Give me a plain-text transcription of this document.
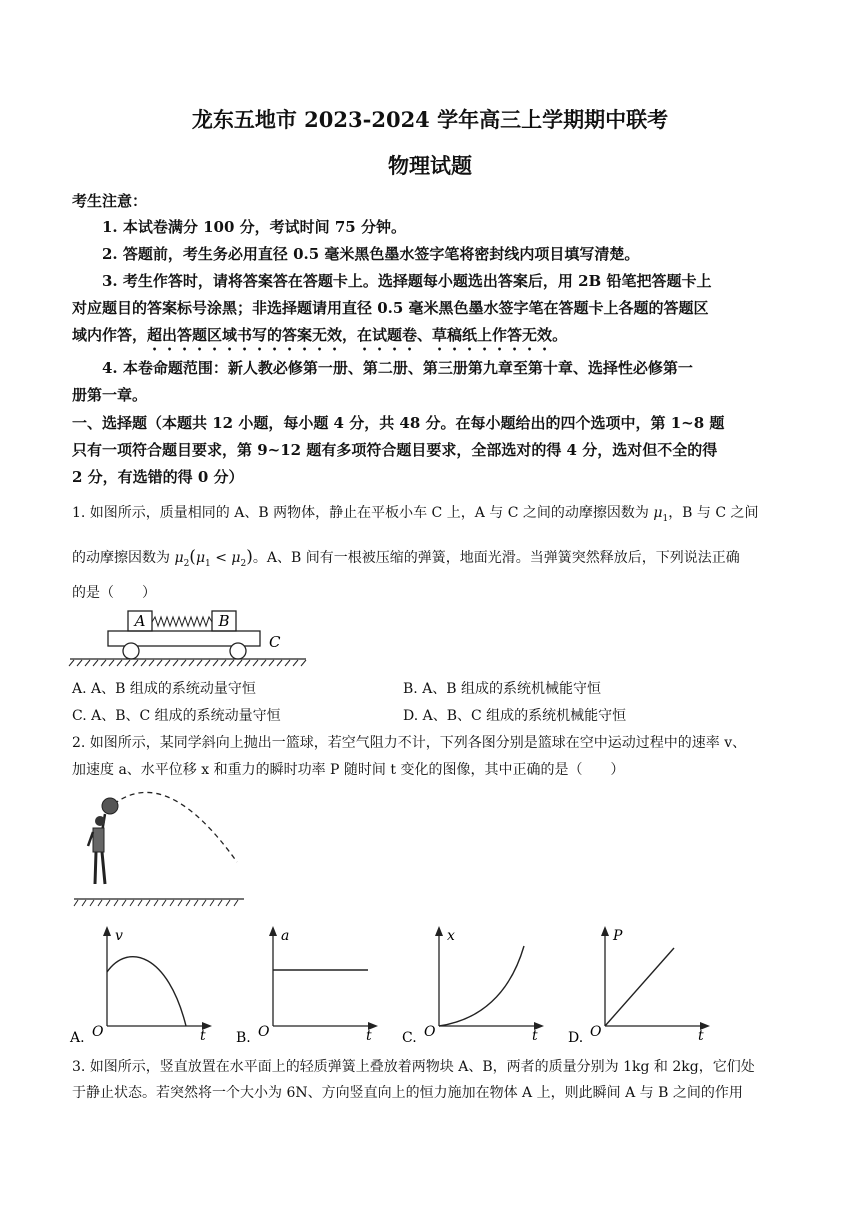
龙东五地市 2023-2024 学年高三上学期期中联考
物理试题
考生注意：
1. 本试卷满分 100 分，考试时间 75 分钟。
2. 答题前，考生务必用直径 0.5 毫米黑色墨水签字笔将密封线内项目填写清楚。
3. 考生作答时，请将答案答在答题卡上。选择题每小题选出答案后，用 2B 铅笔把答题卡上
对应题目的答案标号涂黑；非选择题请用直径 0.5 毫米黑色墨水签字笔在答题卡上各题的答题区
域内作答，超出答题区域书写的答案无效，在试题卷、草稿纸上作答无效。
4. 本卷命题范围：新人教必修第一册、第二册、第三册第九章至第十章、选择性必修第一
册第一章。
一、选择题（本题共 12 小题，每小题 4 分，共 48 分。在每小题给出的四个选项中，第 1~8 题
只有一项符合题目要求，第 9~12 题有多项符合题目要求，全部选对的得 4 分，选对但不全的得
2 分，有选错的得 0 分）
1. 如图所示，质量相同的 A、B 两物体，静止在平板小车 C 上，A 与 C 之间的动摩擦因数为 $\mu_1$，B 与 C 之间
的动摩擦因数为 $\mu_2(\mu_1 < \mu_2)$。A、B 间有一根被压缩的弹簧，地面光滑。当弹簧突然释放后，下列说法正确
的是（　　）
A	B
C
A. A、B 组成的系统动量守恒	B. A、B 组成的系统机械能守恒
C. A、B、C 组成的系统动量守恒	D. A、B、C 组成的系统机械能守恒
2. 如图所示，某同学斜向上抛出一篮球，若空气阻力不计，下列各图分别是篮球在空中运动过程中的速率 v、
加速度 a、水平位移 x 和重力的瞬时功率 P 随时间 t 变化的图像，其中正确的是（　　）
A.
v
O	t B.
a
O	t C.
x
O	t D.
P
O	t
3. 如图所示，竖直放置在水平面上的轻质弹簧上叠放着两物块 A、B，两者的质量分别为 1kg 和 2kg，它们处
于静止状态。若突然将一个大小为 6N、方向竖直向上的恒力施加在物体 A 上，则此瞬间 A 与 B 之间的作用
